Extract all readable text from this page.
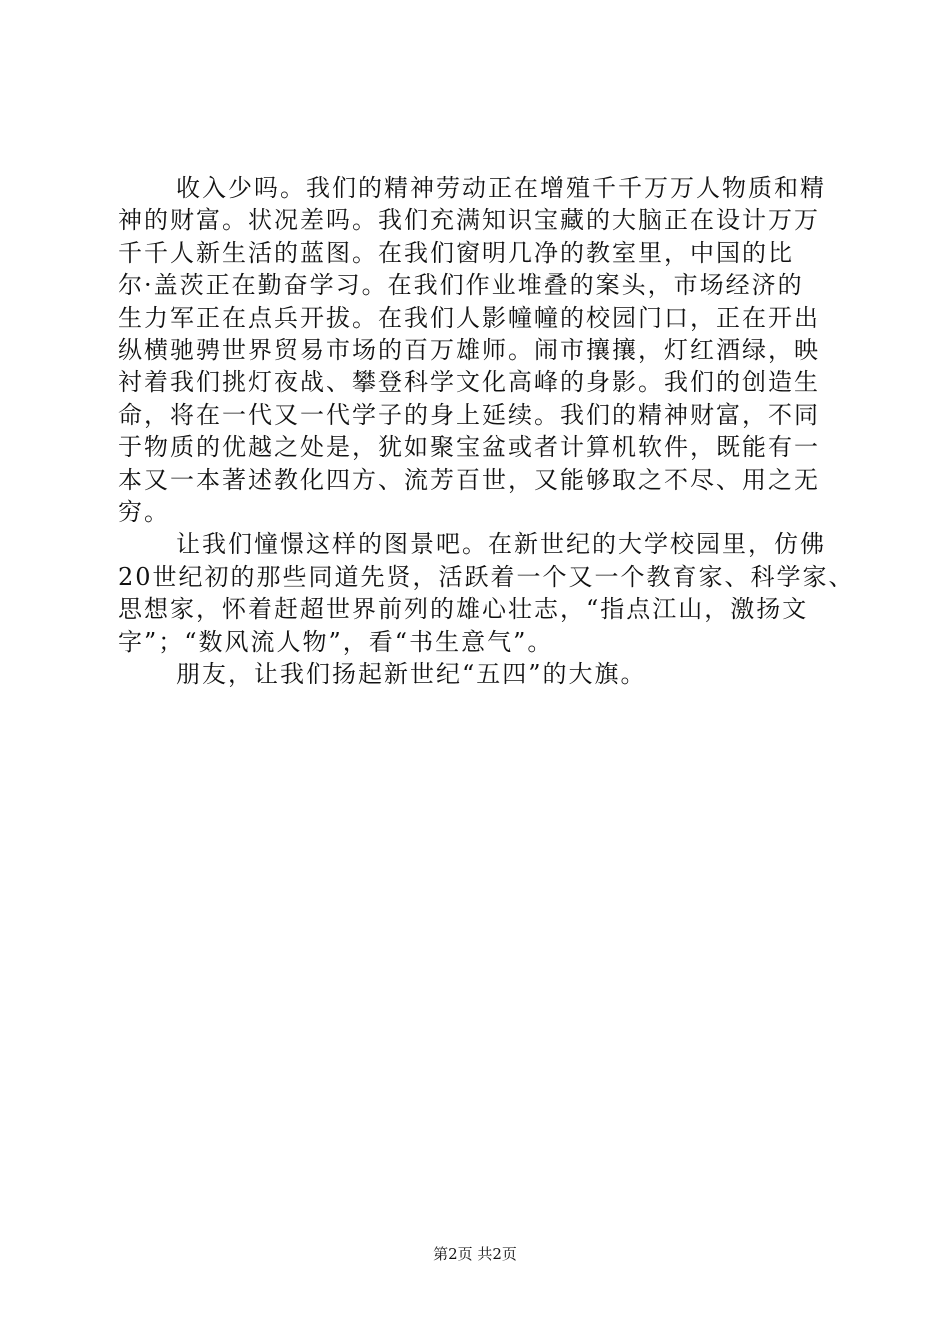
收入少吗。我们的精神劳动正在增殖千千万万人物质和精
神的财富。状况差吗。我们充满知识宝藏的大脑正在设计万万
千千人新生活的蓝图。在我们窗明几净的教室里，中国的比
尔·盖茨正在勤奋学习。在我们作业堆叠的案头，市场经济的
生力军正在点兵开拔。在我们人影幢幢的校园门口，正在开出
纵横驰骋世界贸易市场的百万雄师。闹市攘攘，灯红酒绿，映
衬着我们挑灯夜战、攀登科学文化高峰的身影。我们的创造生
命，将在一代又一代学子的身上延续。我们的精神财富，不同
于物质的优越之处是，犹如聚宝盆或者计算机软件，既能有一
本又一本著述教化四方、流芳百世，又能够取之不尽、用之无
穷。
让我们憧憬这样的图景吧。在新世纪的大学校园里，仿佛
20世纪初的那些同道先贤，活跃着一个又一个教育家、科学家、
思想家，怀着赶超世界前列的雄心壮志，“指点江山，激扬文
字”；“数风流人物”，看“书生意气”。
朋友，让我们扬起新世纪“五四”的大旗。
第2页 共2页
